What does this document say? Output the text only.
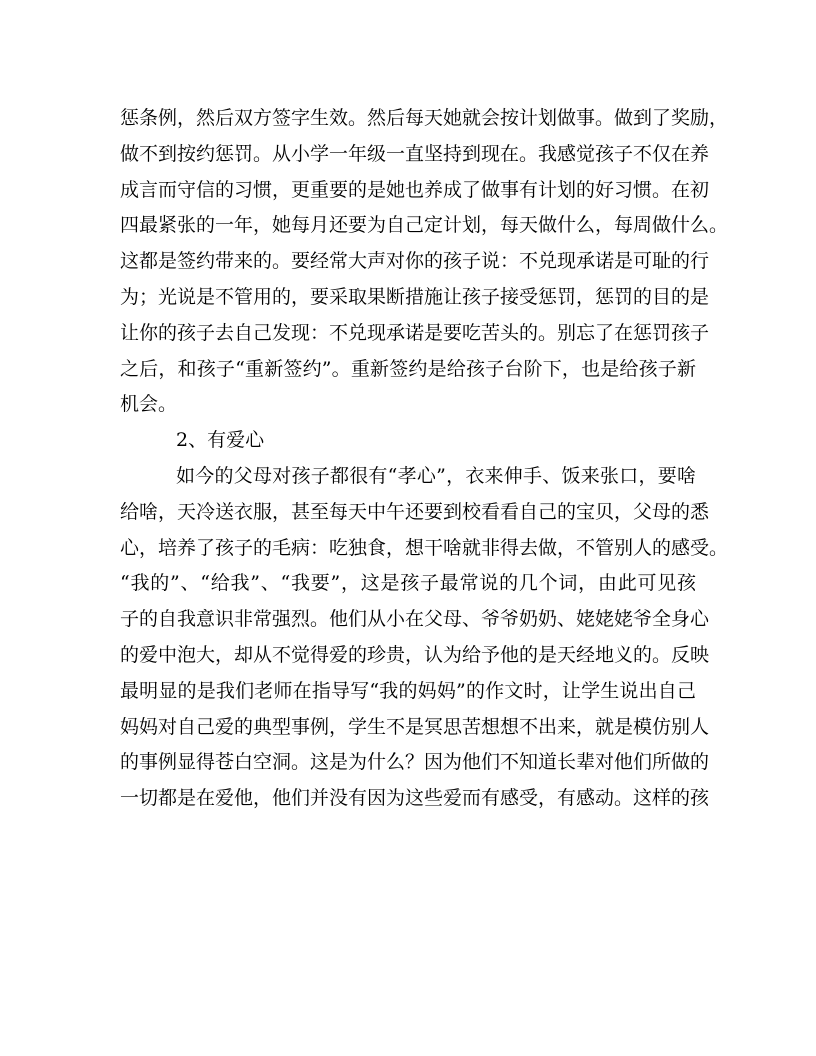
惩条例，然后双方签字生效。然后每天她就会按计划做事。做到了奖励，
做不到按约惩罚。从小学一年级一直坚持到现在。我感觉孩子不仅在养
成言而守信的习惯，更重要的是她也养成了做事有计划的好习惯。在初
四最紧张的一年，她每月还要为自己定计划，每天做什么，每周做什么。
这都是签约带来的。要经常大声对你的孩子说：不兑现承诺是可耻的行
为；光说是不管用的，要采取果断措施让孩子接受惩罚，惩罚的目的是
让你的孩子去自己发现：不兑现承诺是要吃苦头的。别忘了在惩罚孩子
之后，和孩子“重新签约”。重新签约是给孩子台阶下，也是给孩子新
机会。
2、有爱心
如今的父母对孩子都很有“孝心”，衣来伸手、饭来张口，要啥
给啥，天冷送衣服，甚至每天中午还要到校看看自己的宝贝，父母的悉
心，培养了孩子的毛病：吃独食，想干啥就非得去做，不管别人的感受。
“我的”、“给我”、“我要”，这是孩子最常说的几个词，由此可见孩
子的自我意识非常强烈。他们从小在父母、爷爷奶奶、姥姥姥爷全身心
的爱中泡大，却从不觉得爱的珍贵，认为给予他的是天经地义的。反映
最明显的是我们老师在指导写“我的妈妈”的作文时，让学生说出自己
妈妈对自己爱的典型事例，学生不是冥思苦想想不出来，就是模仿别人
的事例显得苍白空洞。这是为什么？因为他们不知道长辈对他们所做的
一切都是在爱他，他们并没有因为这些爱而有感受，有感动。这样的孩
